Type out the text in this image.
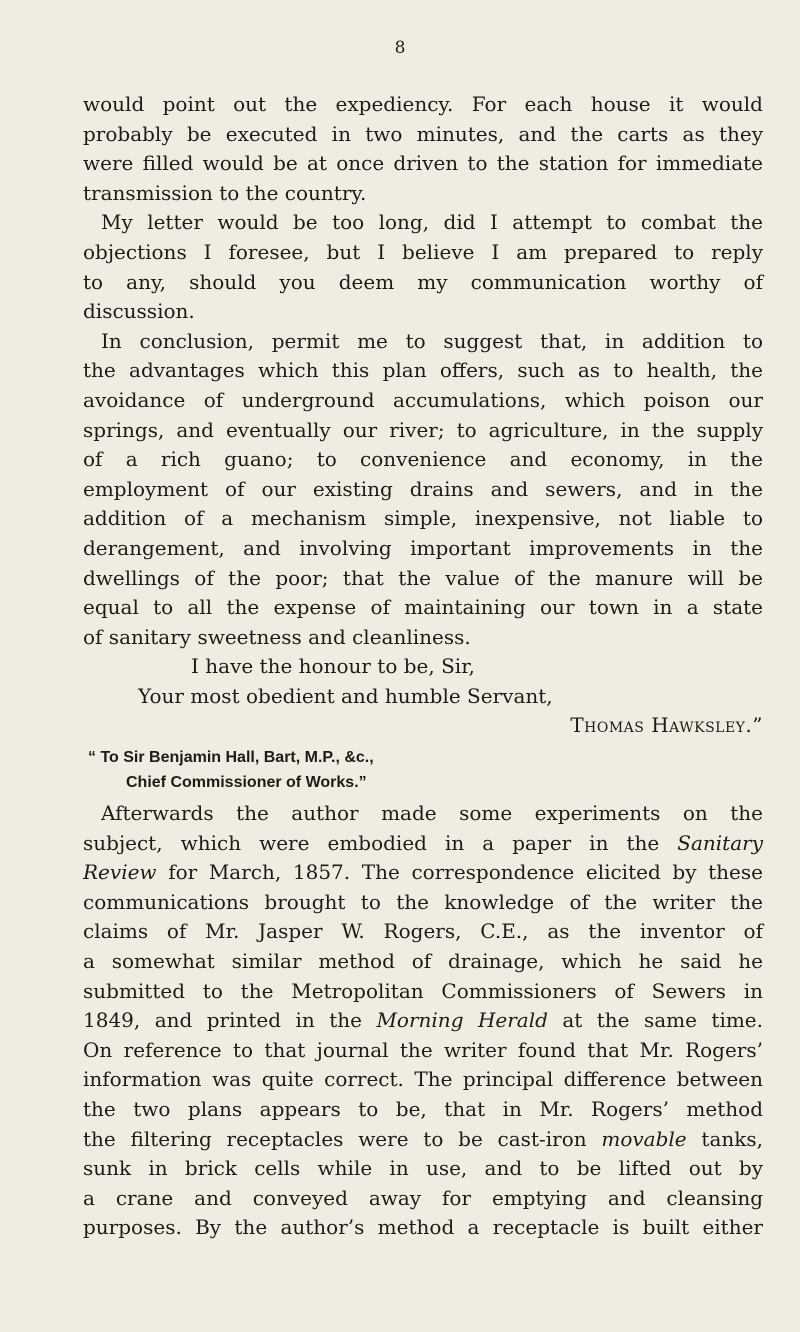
8
would point out the expediency. For each house it would
probably be executed in two minutes, and the carts as they
were filled would be at once driven to the station for immediate
transmission to the country.
My letter would be too long, did I attempt to combat the
objections I foresee, but I believe I am prepared to reply
to any, should you deem my communication worthy of
discussion.
In conclusion, permit me to suggest that, in addition to
the advantages which this plan offers, such as to health, the
avoidance of underground accumulations, which poison our
springs, and eventually our river; to agriculture, in the supply
of a rich guano; to convenience and economy, in the
employment of our existing drains and sewers, and in the
addition of a mechanism simple, inexpensive, not liable to
derangement, and involving important improvements in the
dwellings of the poor; that the value of the manure will be
equal to all the expense of maintaining our town in a state
of sanitary sweetness and cleanliness.
I have the honour to be, Sir,
Your most obedient and humble Servant,
Thomas Hawksley.”
“ To Sir Benjamin Hall, Bart, M.P., &c.,
Chief Commissioner of Works.”
Afterwards the author made some experiments on the
subject, which were embodied in a paper in the Sanitary
Review for March, 1857. The correspondence elicited by these
communications brought to the knowledge of the writer the
claims of Mr. Jasper W. Rogers, C.E., as the inventor of
a somewhat similar method of drainage, which he said he
submitted to the Metropolitan Commissioners of Sewers in
1849, and printed in the Morning Herald at the same time.
On reference to that journal the writer found that Mr. Rogers’
information was quite correct. The principal difference between
the two plans appears to be, that in Mr. Rogers’ method
the filtering receptacles were to be cast-iron movable tanks,
sunk in brick cells while in use, and to be lifted out by
a crane and conveyed away for emptying and cleansing
purposes. By the author’s method a receptacle is built either
